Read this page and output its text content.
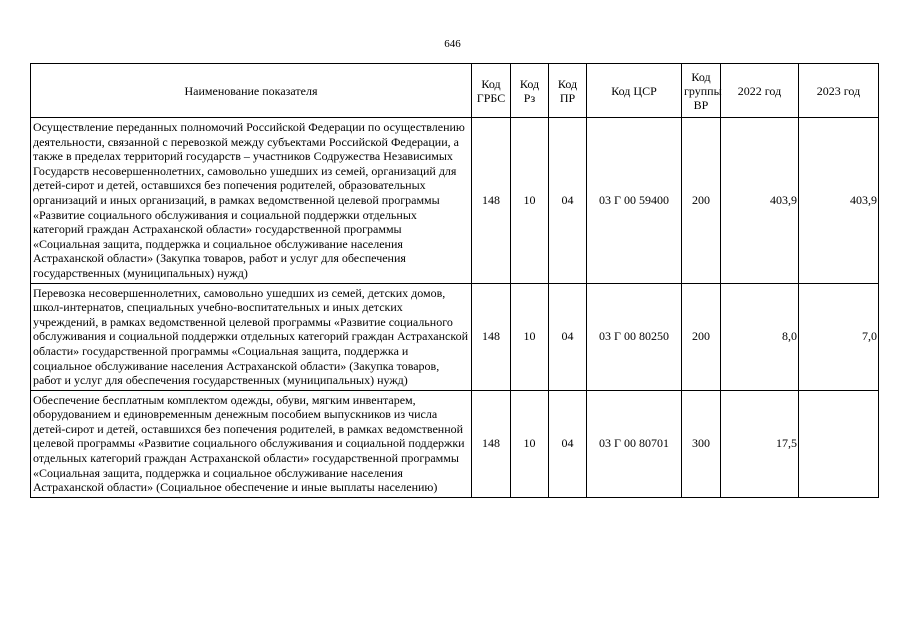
646
Наименование показателя	Код ГРБС	Код Рз	Код ПР	Код ЦСР	Код группы ВР	2022 год	2023 год
Осуществление переданных полномочий Российской Федерации по осуществлению деятельности, связанной с перевозкой между субъектами Российской Федерации, а также в пределах территорий государств – участников Содружества Независимых Государств несовершеннолетних, самовольно ушедших из семей, организаций для детей-сирот и детей, оставшихся без попечения родителей, образовательных организаций и иных организаций, в рамках ведомственной целевой программы «Развитие социального обслуживания и социальной поддержки отдельных категорий граждан Астраханской области» государственной программы «Социальная защита, поддержка и социальное обслуживание населения Астраханской области» (Закупка товаров, работ и услуг для обеспечения государственных (муниципальных) нужд)	148	10	04	03 Г 00 59400	200	403,9	403,9
Перевозка несовершеннолетних, самовольно ушедших из семей, детских домов, школ-интернатов, специальных учебно-воспитательных и иных детских учреждений, в рамках ведомственной целевой программы «Развитие социального обслуживания и социальной поддержки отдельных категорий граждан Астраханской области» государственной программы «Социальная защита, поддержка и социальное обслуживание населения Астраханской области» (Закупка товаров, работ и услуг для обеспечения государственных (муниципальных) нужд)	148	10	04	03 Г 00 80250	200	8,0	7,0
Обеспечение бесплатным комплектом одежды, обуви, мягким инвентарем, оборудованием и единовременным денежным пособием выпускников из числа детей-сирот и детей, оставшихся без попечения родителей, в рамках ведомственной целевой программы «Развитие социального обслуживания и социальной поддержки отдельных категорий граждан Астраханской области» государственной программы «Социальная защита, поддержка и социальное обслуживание населения Астраханской области» (Социальное обеспечение и иные выплаты населению)	148	10	04	03 Г 00 80701	300	17,5	
